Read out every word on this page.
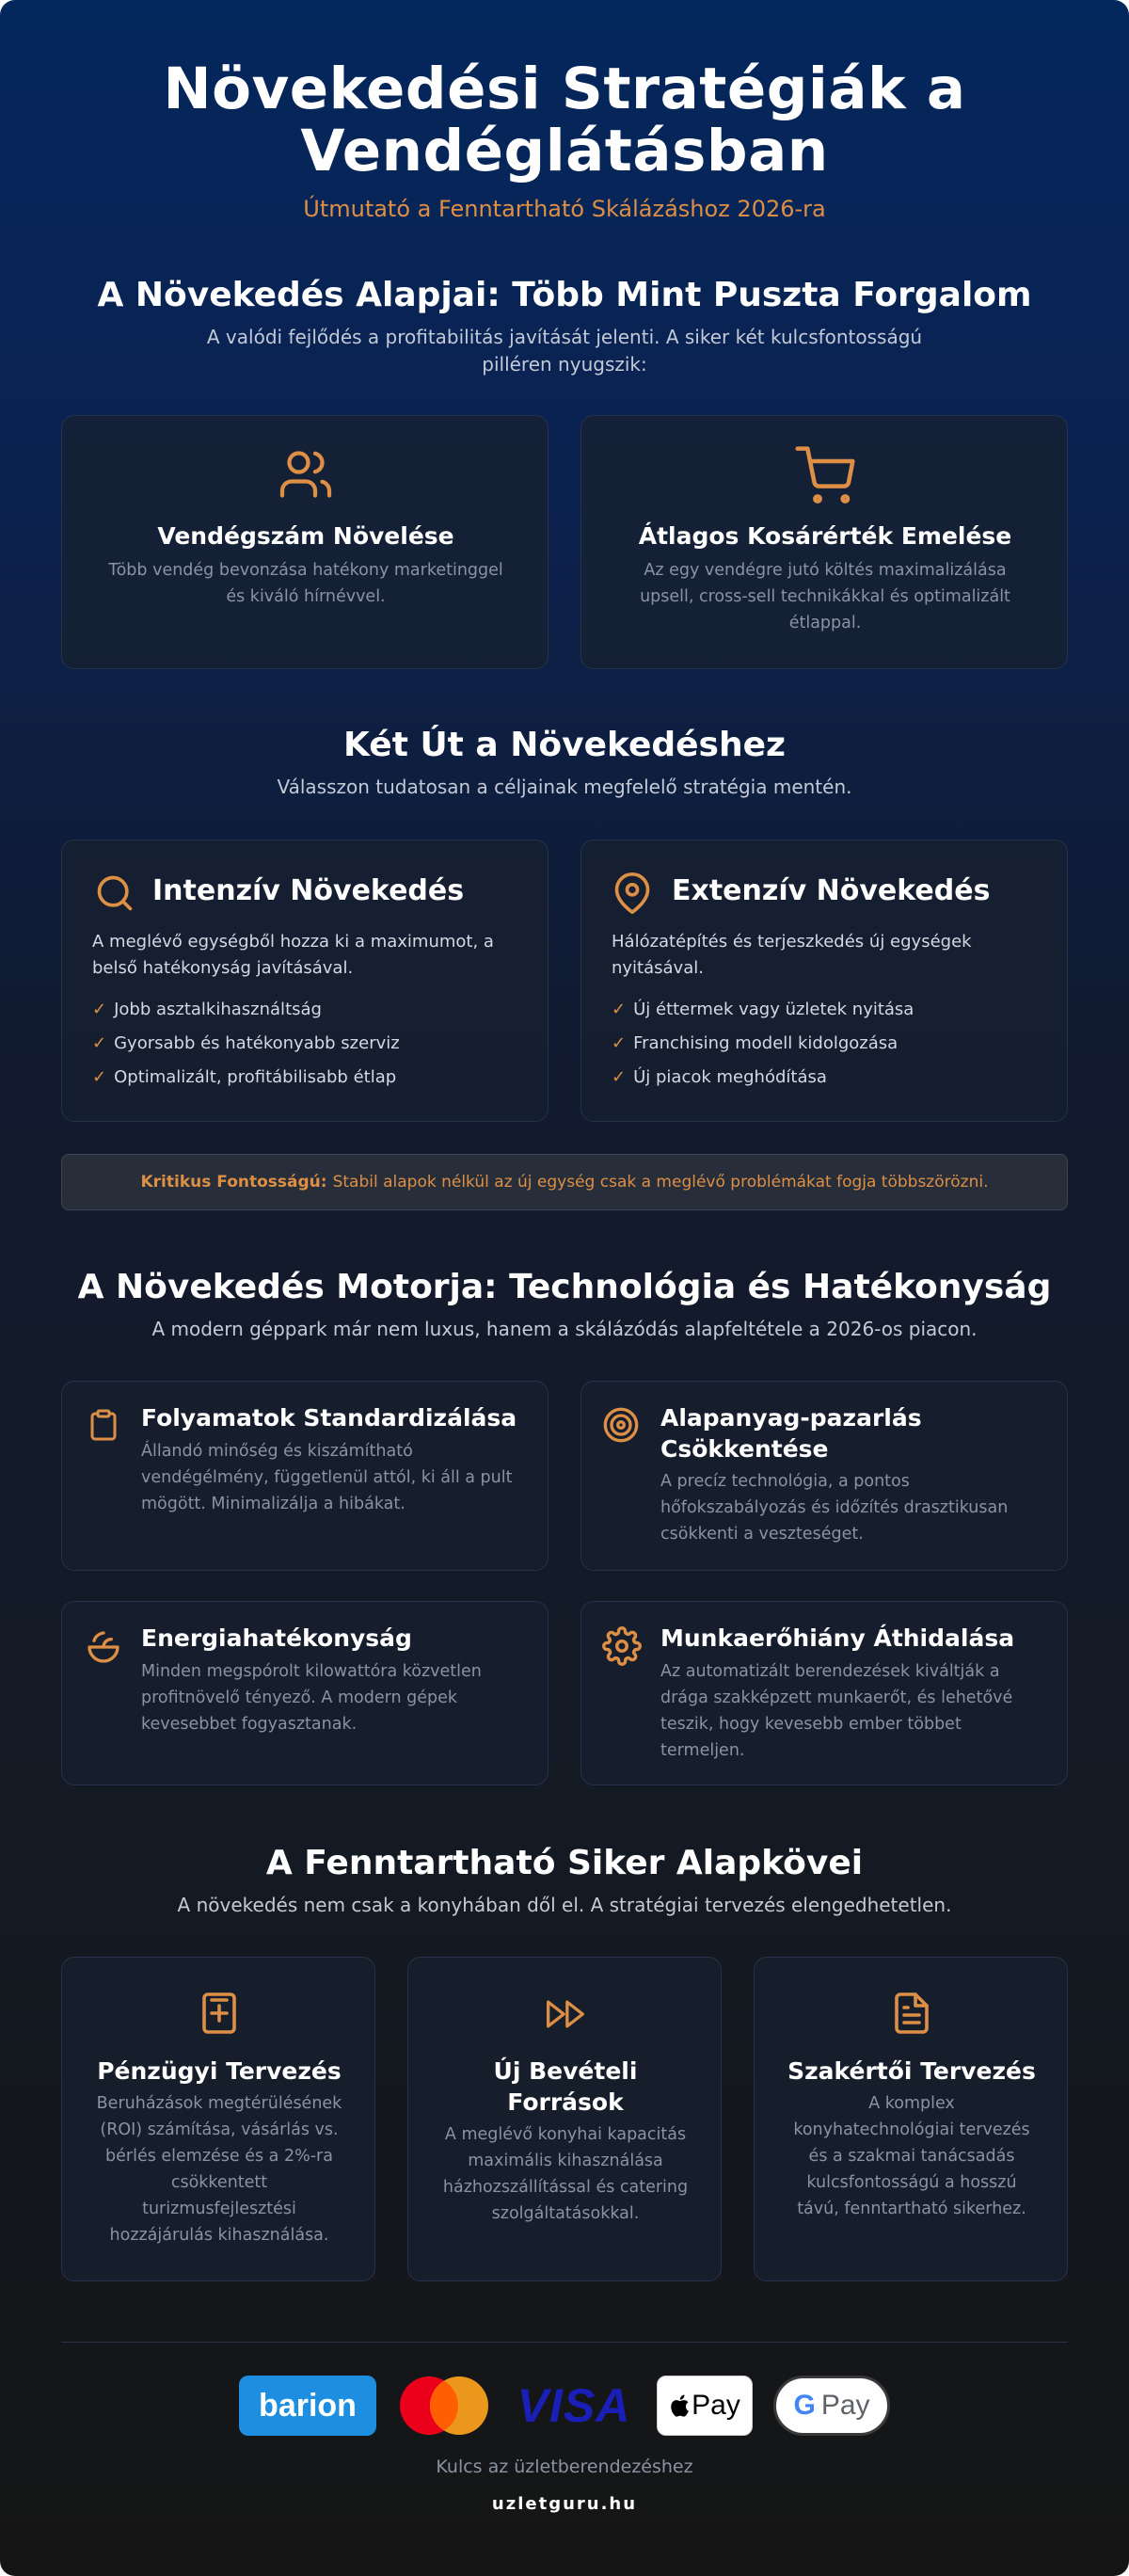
Növekedési Stratégiák a
Vendéglátásban
Útmutató a Fenntartható Skálázáshoz 2026-ra
A Növekedés Alapjai: Több Mint Puszta Forgalom
A valódi fejlődés a profitabilitás javítását jelenti. A siker két kulcsfontosságú pilléren nyugszik:
Vendégszám Növelése
Több vendég bevonzása hatékony marketinggel és kiváló hírnévvel.
Átlagos Kosárérték Emelése
Az egy vendégre jutó költés maximalizálása upsell, cross-sell technikákkal és optimalizált étlappal.
Két Út a Növekedéshez
Válasszon tudatosan a céljainak megfelelő stratégia mentén.
Intenzív Növekedés
A meglévő egységből hozza ki a maximumot, a belső hatékonyság javításával.
✓ Jobb asztalkihasználtság
✓ Gyorsabb és hatékonyabb szerviz
✓ Optimalizált, profitábilisabb étlap
Extenzív Növekedés
Hálózatépítés és terjeszkedés új egységek nyitásával.
✓ Új éttermek vagy üzletek nyitása
✓ Franchising modell kidolgozása
✓ Új piacok meghódítása
Kritikus Fontosságú: Stabil alapok nélkül az új egység csak a meglévő problémákat fogja többszörözni.
A Növekedés Motorja: Technológia és Hatékonyság
A modern géppark már nem luxus, hanem a skálázódás alapfeltétele a 2026-os piacon.
Folyamatok Standardizálása
Állandó minőség és kiszámítható
vendégélmény, függetlenül attól, ki áll a pult
mögött. Minimalizálja a hibákat.
Alapanyag-pazarlás
Csökkentése
A precíz technológia, a pontos
hőfokszabályozás és időzítés drasztikusan
csökkenti a veszteséget.
Energiahatékonyság
Minden megspórolt kilowattóra közvetlen
profitnövelő tényező. A modern gépek
kevesebbet fogyasztanak.
Munkaerőhiány Áthidalása
Az automatizált berendezések kiváltják a
drága szakképzett munkaerőt, és lehetővé
teszik, hogy kevesebb ember többet
termeljen.
A Fenntartható Siker Alapkövei
A növekedés nem csak a konyhában dől el. A stratégiai tervezés elengedhetetlen.
Pénzügyi Tervezés
Beruházások megtérülésének
(ROI) számítása, vásárlás vs.
bérlés elemzése és a 2%-ra
csökkentett
turizmusfejlesztési
hozzájárulás kihasználása.
Új Bevételi
Források
A meglévő konyhai kapacitás
maximális kihasználása
házhozszállítással és catering
szolgáltatásokkal.
Szakértői Tervezés
A komplex
konyhatechnológiai tervezés
és a szakmai tanácsadás
kulcsfontosságú a hosszú
távú, fenntartható sikerhez.
barion	VISA Pay G Pay
Kulcs az üzletberendezéshez
uzletguru.hu
